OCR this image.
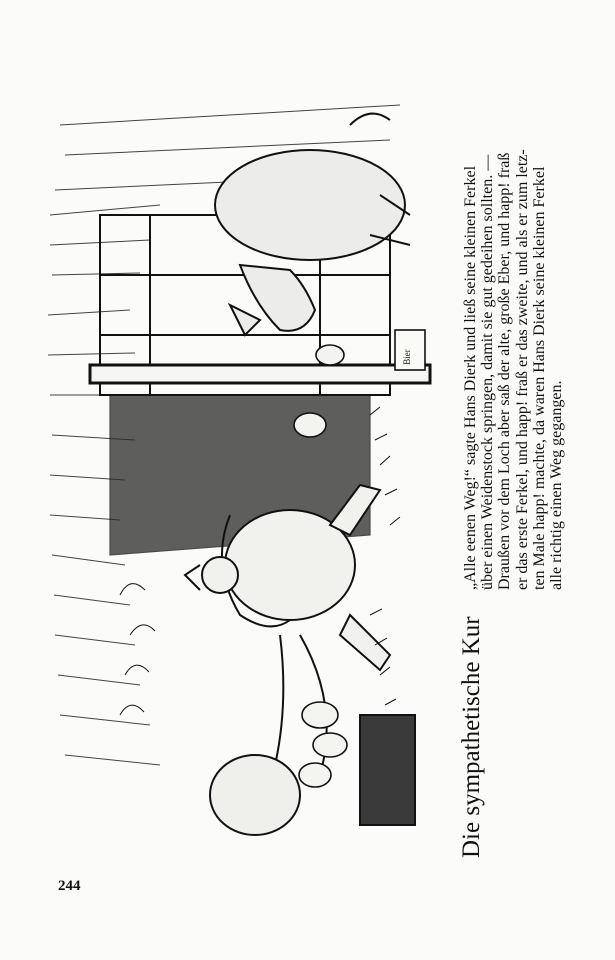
Bier
Die sympathetische Kur
„Alle eenen Weg!“ sagte Hans Dierk und ließ seine kleinen Ferkel über einen Weidenstock springen, damit sie gut gedeihen sollten. — Draußen vor dem Loch aber saß der alte, große Eber, und happ! fraß er das erste Ferkel, und happ! fraß er das zweite, und als er zum letz- ten Male happ! machte, da waren Hans Dierk seine kleinen Ferkel alle richtig einen Weg gegangen.
244
